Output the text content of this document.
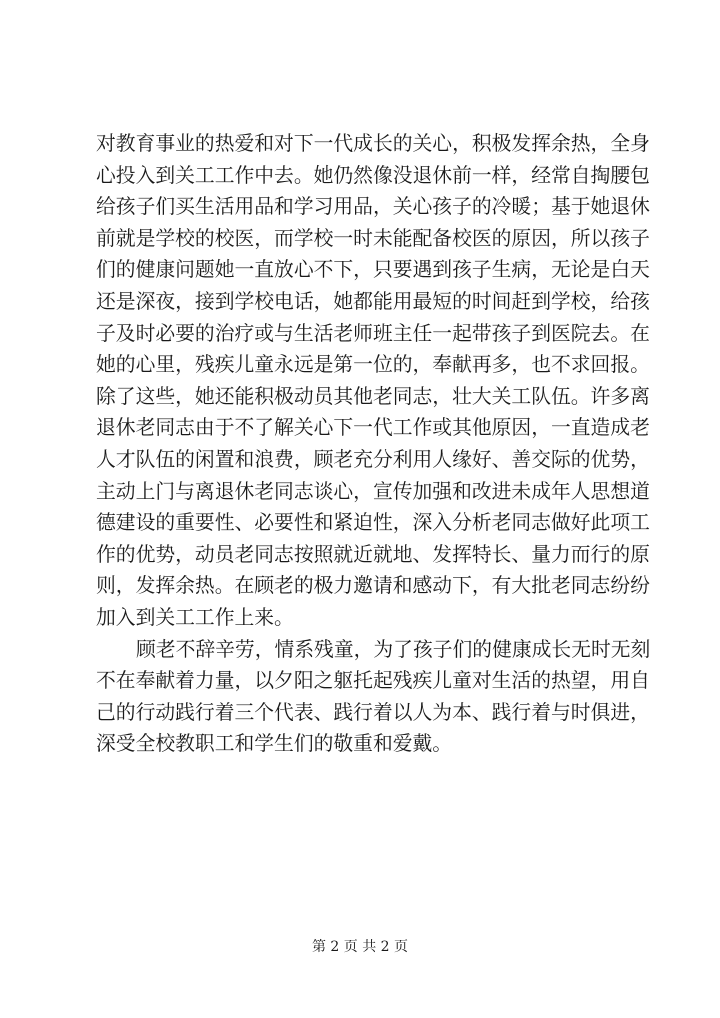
对教育事业的热爱和对下一代成长的关心，积极发挥余热，全身
心投入到关工工作中去。她仍然像没退休前一样，经常自掏腰包
给孩子们买生活用品和学习用品，关心孩子的冷暖；基于她退休
前就是学校的校医，而学校一时未能配备校医的原因，所以孩子
们的健康问题她一直放心不下，只要遇到孩子生病，无论是白天
还是深夜，接到学校电话，她都能用最短的时间赶到学校，给孩
子及时必要的治疗或与生活老师班主任一起带孩子到医院去。在
她的心里，残疾儿童永远是第一位的，奉献再多，也不求回报。
除了这些，她还能积极动员其他老同志，壮大关工队伍。许多离
退休老同志由于不了解关心下一代工作或其他原因，一直造成老
人才队伍的闲置和浪费，顾老充分利用人缘好、善交际的优势，
主动上门与离退休老同志谈心，宣传加强和改进未成年人思想道
德建设的重要性、必要性和紧迫性，深入分析老同志做好此项工
作的优势，动员老同志按照就近就地、发挥特长、量力而行的原
则，发挥余热。在顾老的极力邀请和感动下，有大批老同志纷纷
加入到关工工作上来。
顾老不辞辛劳，情系残童，为了孩子们的健康成长无时无刻
不在奉献着力量，以夕阳之躯托起残疾儿童对生活的热望，用自
己的行动践行着三个代表、践行着以人为本、践行着与时俱进，
深受全校教职工和学生们的敬重和爱戴。
第 2 页 共 2 页
